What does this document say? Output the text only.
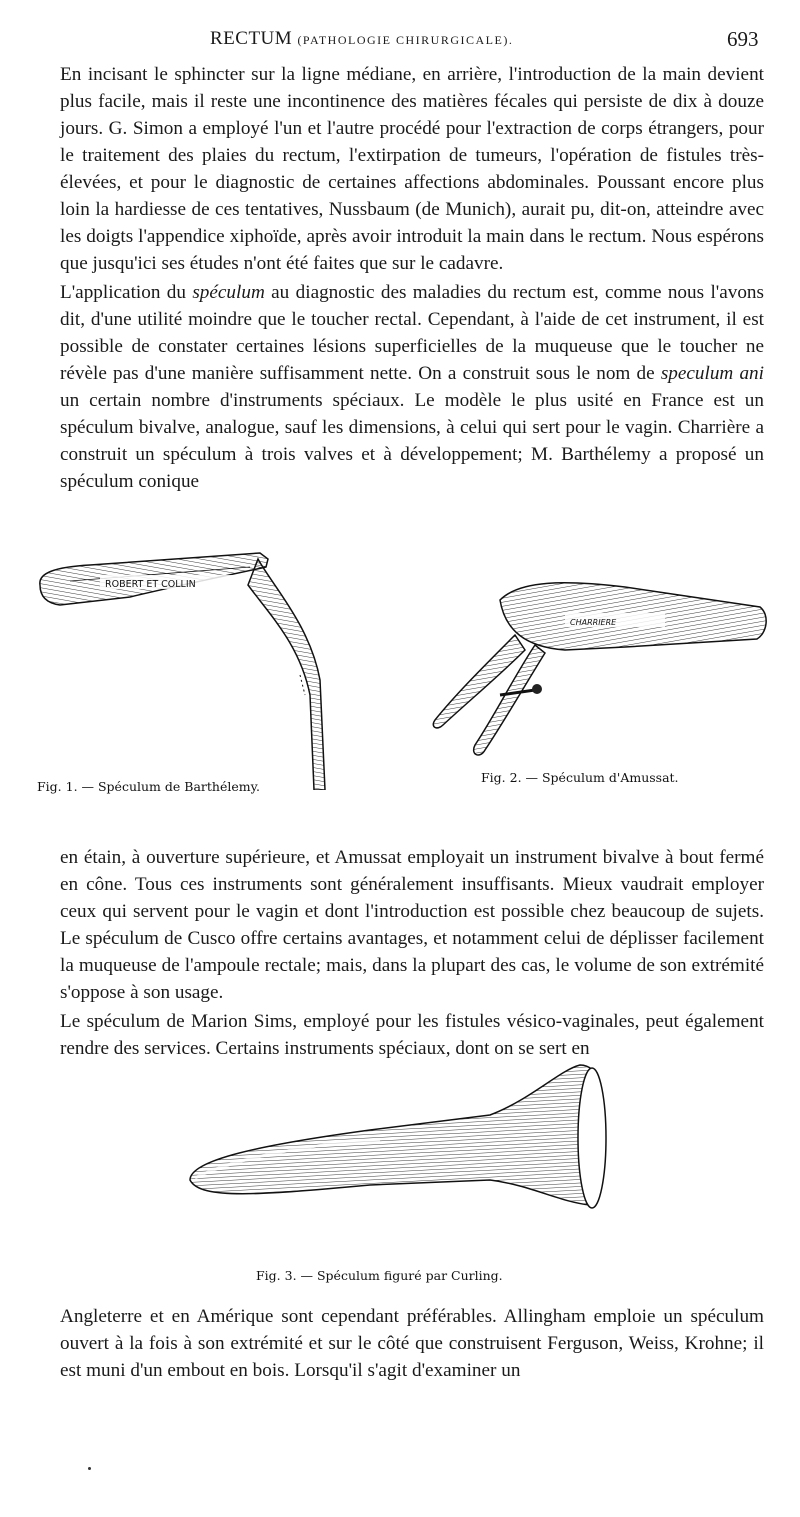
RECTUM (PATHOLOGIE CHIRURGICALE).	693

En incisant le sphincter sur la ligne médiane, en arrière, l'introduction de la main devient plus facile, mais il reste une incontinence des matières fécales qui persiste de dix à douze jours. G. Simon a employé l'un et l'autre procédé pour l'extraction de corps étrangers, pour le traitement des plaies du rectum, l'extirpation de tumeurs, l'opération de fistules très-élevées, et pour le diagnostic de certaines affections abdominales. Poussant encore plus loin la hardiesse de ces tentatives, Nussbaum (de Munich), aurait pu, dit-on, atteindre avec les doigts l'appendice xiphoïde, après avoir introduit la main dans le rectum. Nous espérons que jusqu'ici ses études n'ont été faites que sur le cadavre.

L'application du spéculum au diagnostic des maladies du rectum est, comme nous l'avons dit, d'une utilité moindre que le toucher rectal. Cependant, à l'aide de cet instrument, il est possible de constater certaines lésions superficielles de la muqueuse que le toucher ne révèle pas d'une manière suffisamment nette. On a construit sous le nom de speculum ani un certain nombre d'instruments spéciaux. Le modèle le plus usité en France est un spéculum bivalve, analogue, sauf les dimensions, à celui qui sert pour le vagin. Charrière a construit un spéculum à trois valves et à développement; M. Barthélemy a proposé un spéculum conique

ROBERT ET COLLIN
Fig. 1. — Spéculum de Barthélemy.
CHARRIERE
Fig. 2. — Spéculum d'Amussat.

en étain, à ouverture supérieure, et Amussat employait un instrument bivalve à bout fermé en cône. Tous ces instruments sont généralement insuffisants. Mieux vaudrait employer ceux qui servent pour le vagin et dont l'introduction est possible chez beaucoup de sujets. Le spéculum de Cusco offre certains avantages, et notamment celui de déplisser facilement la muqueuse de l'ampoule rectale; mais, dans la plupart des cas, le volume de son extrémité s'oppose à son usage.

Le spéculum de Marion Sims, employé pour les fistules vésico-vaginales, peut également rendre des services. Certains instruments spéciaux, dont on se sert en

Fig. 3. — Spéculum figuré par Curling.

Angleterre et en Amérique sont cependant préférables. Allingham emploie un spéculum ouvert à la fois à son extrémité et sur le côté que construisent Ferguson, Weiss, Krohne; il est muni d'un embout en bois. Lorsqu'il s'agit d'examiner un
